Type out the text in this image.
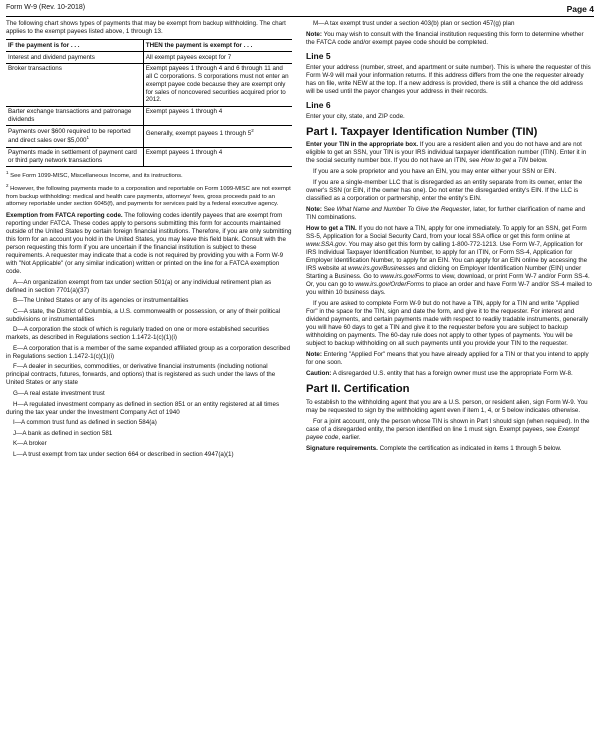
Form W-9 (Rev. 10-2018)	Page 4

The following chart shows types of payments that may be exempt from backup withholding. The chart applies to the exempt payees listed above, 1 through 13.

IF the payment is for . . .	THEN the payment is exempt for . . .
Interest and dividend payments	All exempt payees except for 7
Broker transactions	Exempt payees 1 through 4 and 6 through 11 and all C corporations. S corporations must not enter an exempt payee code because they are exempt only for sales of noncovered securities acquired prior to 2012.
Barter exchange transactions and patronage dividends	Exempt payees 1 through 4
Payments over $600 required to be reported and direct sales over $5,000$^1$	Generally, exempt payees 1 through $5^2$
Payments made in settlement of payment card or third party network transactions	Exempt payees 1 through 4

$^1$ See Form 1099-MISC, Miscellaneous Income, and its instructions.

$^2$ However, the following payments made to a corporation and reportable on Form 1099-MISC are not exempt from backup withholding: medical and health care payments, attorneys' fees, gross proceeds paid to an attorney reportable under section 6045(f), and payments for services paid by a federal executive agency.

Exemption from FATCA reporting code. The following codes identify payees that are exempt from reporting under FATCA. These codes apply to persons submitting this form for accounts maintained outside of the United States by certain foreign financial institutions. Therefore, if you are only submitting this form for an account you hold in the United States, you may leave this field blank. Consult with the person requesting this form if you are uncertain if the financial institution is subject to these requirements. A requester may indicate that a code is not required by providing you with a Form W-9 with "Not Applicable" (or any similar indication) written or printed on the line for a FATCA exemption code.

A—An organization exempt from tax under section 501(a) or any individual retirement plan as defined in section 7701(a)(37)

B—The United States or any of its agencies or instrumentalities

C—A state, the District of Columbia, a U.S. commonwealth or possession, or any of their political subdivisions or instrumentalities

D—A corporation the stock of which is regularly traded on one or more established securities markets, as described in Regulations section 1.1472-1(c)(1)(i)

E—A corporation that is a member of the same expanded affiliated group as a corporation described in Regulations section 1.1472-1(c)(1)(i)

F—A dealer in securities, commodities, or derivative financial instruments (including notional principal contracts, futures, forwards, and options) that is registered as such under the laws of the United States or any state

G—A real estate investment trust

H—A regulated investment company as defined in section 851 or an entity registered at all times during the tax year under the Investment Company Act of 1940

I—A common trust fund as defined in section 584(a)

J—A bank as defined in section 581

K—A broker

L—A trust exempt from tax under section 664 or described in section 4947(a)(1)

M—A tax exempt trust under a section 403(b) plan or section 457(g) plan

Note: You may wish to consult with the financial institution requesting this form to determine whether the FATCA code and/or exempt payee code should be completed.

Line 5

Enter your address (number, street, and apartment or suite number). This is where the requester of this Form W-9 will mail your information returns. If this address differs from the one the requester already has on file, write NEW at the top. If a new address is provided, there is still a chance the old address will be used until the payor changes your address in their records.

Line 6

Enter your city, state, and ZIP code.

Part I. Taxpayer Identification Number (TIN)

Enter your TIN in the appropriate box. If you are a resident alien and you do not have and are not eligible to get an SSN, your TIN is your IRS individual taxpayer identification number (ITIN). Enter it in the social security number box. If you do not have an ITIN, see How to get a TIN below.

If you are a sole proprietor and you have an EIN, you may enter either your SSN or EIN.

If you are a single-member LLC that is disregarded as an entity separate from its owner, enter the owner's SSN (or EIN, if the owner has one). Do not enter the disregarded entity's EIN. If the LLC is classified as a corporation or partnership, enter the entity's EIN.

Note: See What Name and Number To Give the Requester, later, for further clarification of name and TIN combinations.

How to get a TIN. If you do not have a TIN, apply for one immediately. To apply for an SSN, get Form SS-5, Application for a Social Security Card, from your local SSA office or get this form online at www.SSA.gov. You may also get this form by calling 1-800-772-1213. Use Form W-7, Application for IRS Individual Taxpayer Identification Number, to apply for an ITIN, or Form SS-4, Application for Employer Identification Number, to apply for an EIN. You can apply for an EIN online by accessing the IRS website at www.irs.gov/Businesses and clicking on Employer Identification Number (EIN) under Starting a Business. Go to www.irs.gov/Forms to view, download, or print Form W-7 and/or Form SS-4. Or, you can go to www.irs.gov/OrderForms to place an order and have Form W-7 and/or SS-4 mailed to you within 10 business days.

If you are asked to complete Form W-9 but do not have a TIN, apply for a TIN and write "Applied For" in the space for the TIN, sign and date the form, and give it to the requester. For interest and dividend payments, and certain payments made with respect to readily tradable instruments, generally you will have 60 days to get a TIN and give it to the requester before you are subject to backup withholding on payments. The 60-day rule does not apply to other types of payments. You will be subject to backup withholding on all such payments until you provide your TIN to the requester.

Note: Entering "Applied For" means that you have already applied for a TIN or that you intend to apply for one soon.

Caution: A disregarded U.S. entity that has a foreign owner must use the appropriate Form W-8.

Part II. Certification

To establish to the withholding agent that you are a U.S. person, or resident alien, sign Form W-9. You may be requested to sign by the withholding agent even if item 1, 4, or 5 below indicates otherwise.

For a joint account, only the person whose TIN is shown in Part I should sign (when required). In the case of a disregarded entity, the person identified on line 1 must sign. Exempt payees, see Exempt payee code, earlier.

Signature requirements. Complete the certification as indicated in items 1 through 5 below.
